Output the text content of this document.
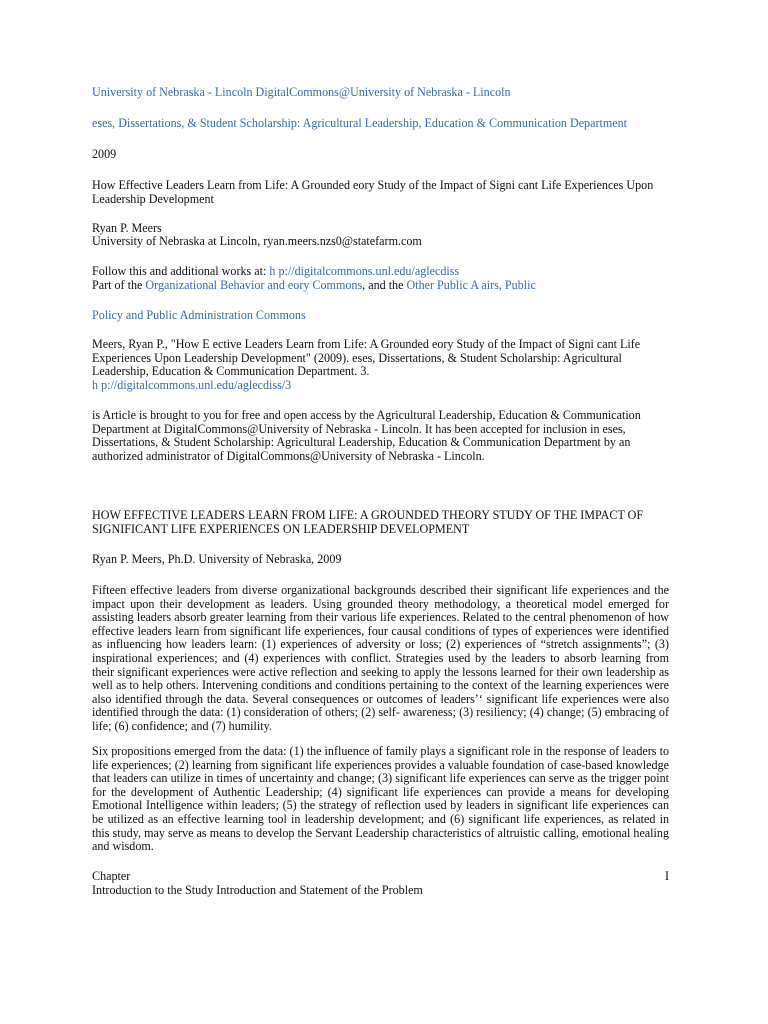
University of Nebraska - Lincoln DigitalCommons@University of Nebraska - Lincoln

eses, Dissertations, & Student Scholarship: Agricultural Leadership, Education & Communication Department

2009

How Effective Leaders Learn from Life: A Grounded eory Study of the Impact of Signi cant Life Experiences Upon Leadership Development

Ryan P. Meers

University of Nebraska at Lincoln, ryan.meers.nzs0@statefarm.com

Follow this and additional works at: h p://digitalcommons.unl.edu/aglecdiss

Part of the Organizational Behavior and eory Commons, and the Other Public A airs, Public

Policy and Public Administration Commons

Meers, Ryan P., "How E ective Leaders Learn from Life: A Grounded eory Study of the Impact of Signi cant Life Experiences Upon Leadership Development" (2009). eses, Dissertations, & Student Scholarship: Agricultural Leadership, Education & Communication Department. 3.

h p://digitalcommons.unl.edu/aglecdiss/3

is Article is brought to you for free and open access by the Agricultural Leadership, Education & Communication Department at DigitalCommons@University of Nebraska - Lincoln. It has been accepted for inclusion in eses, Dissertations, & Student Scholarship: Agricultural Leadership, Education & Communication Department by an authorized administrator of DigitalCommons@University of Nebraska - Lincoln.

HOW EFFECTIVE LEADERS LEARN FROM LIFE: A GROUNDED THEORY STUDY OF THE IMPACT OF SIGNIFICANT LIFE EXPERIENCES ON LEADERSHIP DEVELOPMENT

Ryan P. Meers, Ph.D. University of Nebraska, 2009

Fifteen effective leaders from diverse organizational backgrounds described their significant life experiences and the impact upon their development as leaders. Using grounded theory methodology, a theoretical model emerged for assisting leaders absorb greater learning from their various life experiences. Related to the central phenomenon of how effective leaders learn from significant life experiences, four causal conditions of types of experiences were identified as influencing how leaders learn: (1) experiences of adversity or loss; (2) experiences of “stretch assignments”; (3) inspirational experiences; and (4) experiences with conflict. Strategies used by the leaders to absorb learning from their significant experiences were active reflection and seeking to apply the lessons learned for their own leadership as well as to help others. Intervening conditions and conditions pertaining to the context of the learning experiences were also identified through the data. Several consequences or outcomes of leaders’‘ significant life experiences were also identified through the data: (1) consideration of others; (2) self- awareness; (3) resiliency; (4) change; (5) embracing of life; (6) confidence; and (7) humility.

Six propositions emerged from the data: (1) the influence of family plays a significant role in the response of leaders to life experiences; (2) learning from significant life experiences provides a valuable foundation of case-based knowledge that leaders can utilize in times of uncertainty and change; (3) significant life experiences can serve as the trigger point for the development of Authentic Leadership; (4) significant life experiences can provide a means for developing Emotional Intelligence within leaders; (5) the strategy of reflection used by leaders in significant life experiences can be utilized as an effective learning tool in leadership development; and (6) significant life experiences, as related in this study, may serve as means to develop the Servant Leadership characteristics of altruistic calling, emotional healing and wisdom.

Chapter	I

Introduction to the Study Introduction and Statement of the Problem
